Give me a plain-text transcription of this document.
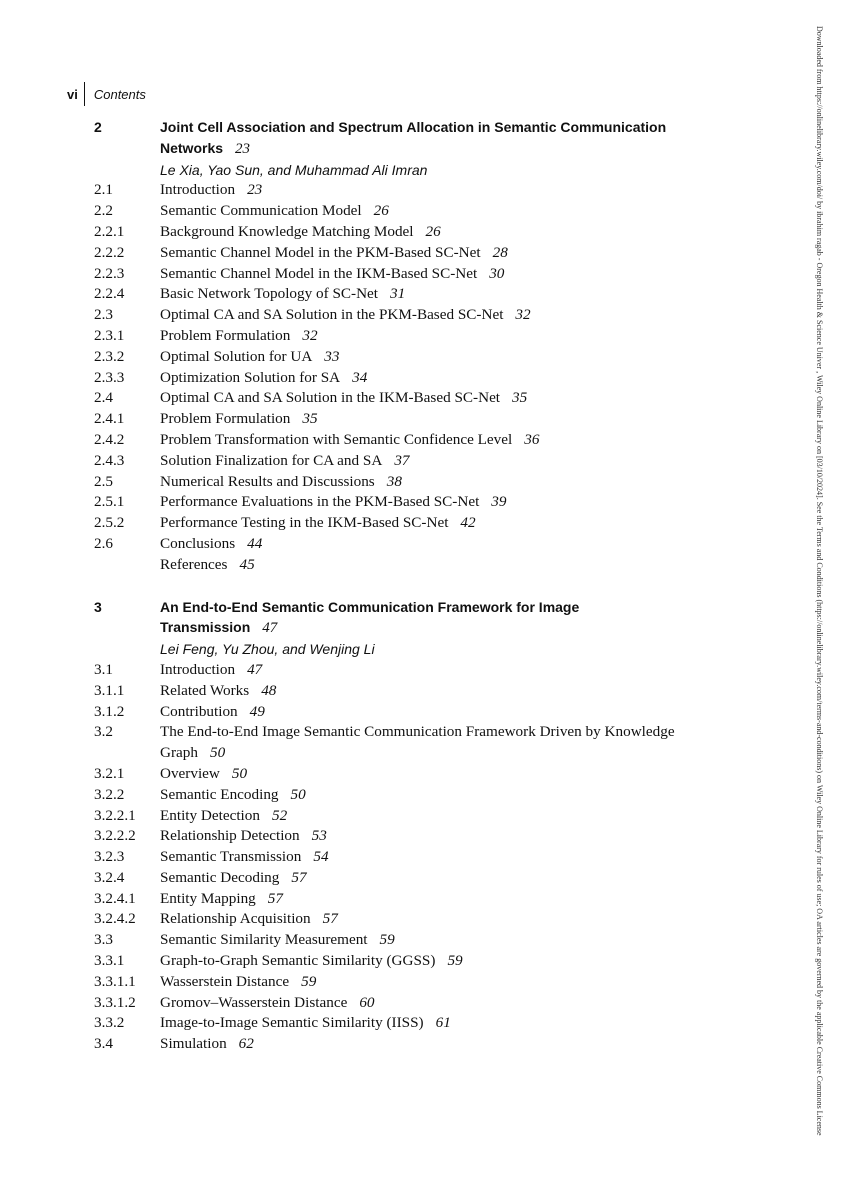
vi Contents
2	Joint Cell Association and Spectrum Allocation in Semantic Communication
Networks 23
Le Xia, Yao Sun, and Muhammad Ali Imran
2.1	Introduction 23
2.2	Semantic Communication Model 26
2.2.1	Background Knowledge Matching Model 26
2.2.2	Semantic Channel Model in the PKM-Based SC-Net 28
2.2.3	Semantic Channel Model in the IKM-Based SC-Net 30
2.2.4	Basic Network Topology of SC-Net 31
2.3	Optimal CA and SA Solution in the PKM-Based SC-Net 32
2.3.1	Problem Formulation 32
2.3.2	Optimal Solution for UA 33
2.3.3	Optimization Solution for SA 34
2.4	Optimal CA and SA Solution in the IKM-Based SC-Net 35
2.4.1	Problem Formulation 35
2.4.2	Problem Transformation with Semantic Confidence Level 36
2.4.3	Solution Finalization for CA and SA 37
2.5	Numerical Results and Discussions 38
2.5.1	Performance Evaluations in the PKM-Based SC-Net 39
2.5.2	Performance Testing in the IKM-Based SC-Net 42
2.6	Conclusions 44
References 45
3	An End-to-End Semantic Communication Framework for Image
Transmission 47
Lei Feng, Yu Zhou, and Wenjing Li
3.1	Introduction 47
3.1.1	Related Works 48
3.1.2	Contribution 49
3.2	The End-to-End Image Semantic Communication Framework Driven by Knowledge
Graph 50
3.2.1	Overview 50
3.2.2	Semantic Encoding 50
3.2.2.1	Entity Detection 52
3.2.2.2	Relationship Detection 53
3.2.3	Semantic Transmission 54
3.2.4	Semantic Decoding 57
3.2.4.1	Entity Mapping 57
3.2.4.2	Relationship Acquisition 57
3.3	Semantic Similarity Measurement 59
3.3.1	Graph-to-Graph Semantic Similarity (GGSS) 59
3.3.1.1	Wasserstein Distance 59
3.3.1.2	Gromov–Wasserstein Distance 60
3.3.2	Image-to-Image Semantic Similarity (IISS) 61
3.4	Simulation 62	Downloaded from https://onlinelibrary.wiley.com/doi/ by ibrahim ragab - Oregon Health & Science Univer , Wiley Online Library on [03/10/2024]. See the Terms and Conditions (https://onlinelibrary.wiley.com/terms-and-conditions) on Wiley Online Library for rules of use; OA articles are governed by the applicable Creative Commons License
